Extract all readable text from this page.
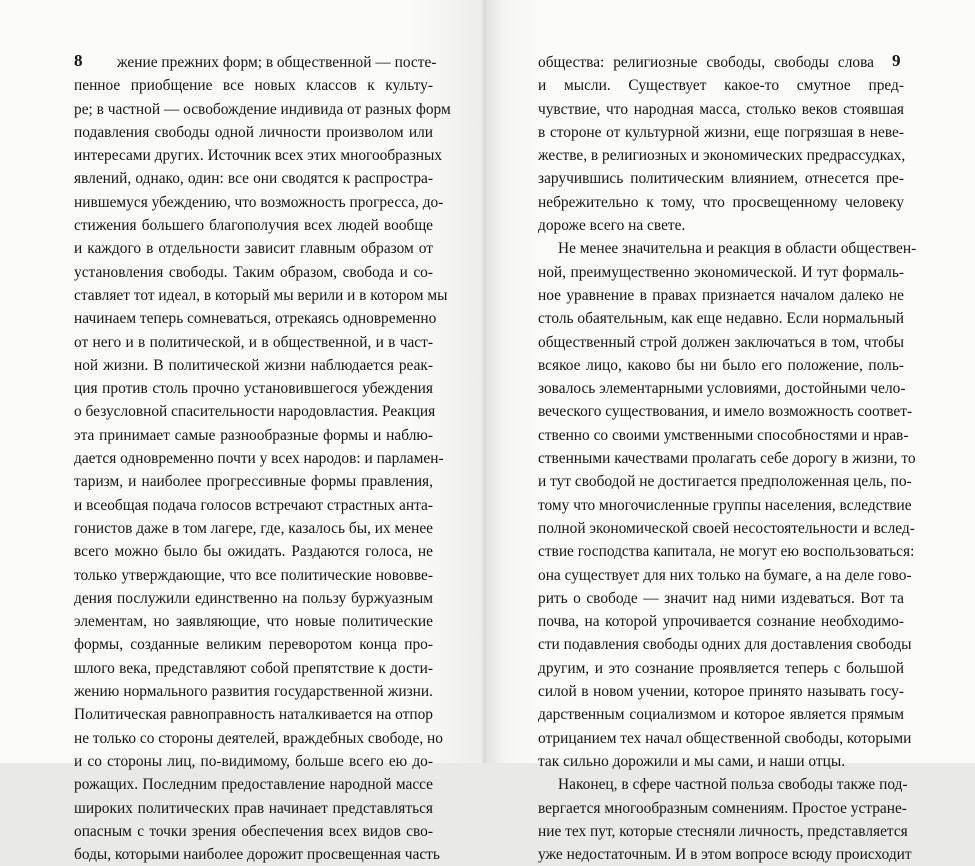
8	жение прежних форм; в общественной — посте-
пенное приобщение все новых классов к культу-
ре; в частной — освобождение индивида от разных форм
подавления свободы одной личности произволом или
интересами других. Источник всех этих многообразных
явлений, однако, один: все они сводятся к распростра-
нившемуся убеждению, что возможность прогресса, до-
стижения большего благополучия всех людей вообще
и каждого в отдельности зависит главным образом от
установления свободы. Таким образом, свобода и со-
ставляет тот идеал, в который мы верили и в котором мы
начинаем теперь сомневаться, отрекаясь одновременно
от него и в политической, и в общественной, и в част-
ной жизни. В политической жизни наблюдается реак-
ция против столь прочно установившегося убеждения
о безусловной спасительности народовластия. Реакция
эта принимает самые разнообразные формы и наблю-
дается одновременно почти у всех народов: и парламен-
таризм, и наиболее прогрессивные формы правления,
и всеобщая подача голосов встречают страстных анта-
гонистов даже в том лагере, где, казалось бы, их менее
всего можно было бы ожидать. Раздаются голоса, не
только утверждающие, что все политические нововве-
дения послужили единственно на пользу буржуазным
элементам, но заявляющие, что новые политические
формы, созданные великим переворотом конца про-
шлого века, представляют собой препятствие к дости-
жению нормального развития государственной жизни.
Политическая равноправность наталкивается на отпор
не только со стороны деятелей, враждебных свободе, но
и со стороны лиц, по-видимому, больше всего ею до-
рожащих. Последним предоставление народной массе
широких политических прав начинает представляться
опасным с точки зрения обеспечения всех видов сво-
боды, которыми наиболее дорожит просвещенная часть
9
общества: религиозные свободы, свободы слова
и мысли. Существует какое-то смутное пред-
чувствие, что народная масса, столько веков стоявшая
в стороне от культурной жизни, еще погрязшая в неве-
жестве, в религиозных и экономических предрассудках,
заручившись политическим влиянием, отнесется пре-
небрежительно к тому, что просвещенному человеку
дороже всего на свете.
Не менее значительна и реакция в области обществен-
ной, преимущественно экономической. И тут формаль-
ное уравнение в правах признается началом далеко не
столь обаятельным, как еще недавно. Если нормальный
общественный строй должен заключаться в том, чтобы
всякое лицо, каково бы ни было его положение, поль-
зовалось элементарными условиями, достойными чело-
веческого существования, и имело возможность соответ-
ственно со своими умственными способностями и нрав-
ственными качествами пролагать себе дорогу в жизни, то
и тут свободой не достигается предположенная цель, по-
тому что многочисленные группы населения, вследствие
полной экономической своей несостоятельности и вслед-
ствие господства капитала, не могут ею воспользоваться:
она существует для них только на бумаге, а на деле гово-
рить о свободе — значит над ними издеваться. Вот та
почва, на которой упрочивается сознание необходимо-
сти подавления свободы одних для доставления свободы
другим, и это сознание проявляется теперь с большой
силой в новом учении, которое принято называть госу-
дарственным социализмом и которое является прямым
отрицанием тех начал общественной свободы, которыми
так сильно дорожили и мы сами, и наши отцы.
Наконец, в сфере частной польза свободы также под-
вергается многообразным сомнениям. Простое устране-
ние тех пут, которые стесняли личность, представляется
уже недостаточным. И в этом вопросе всюду происходит
